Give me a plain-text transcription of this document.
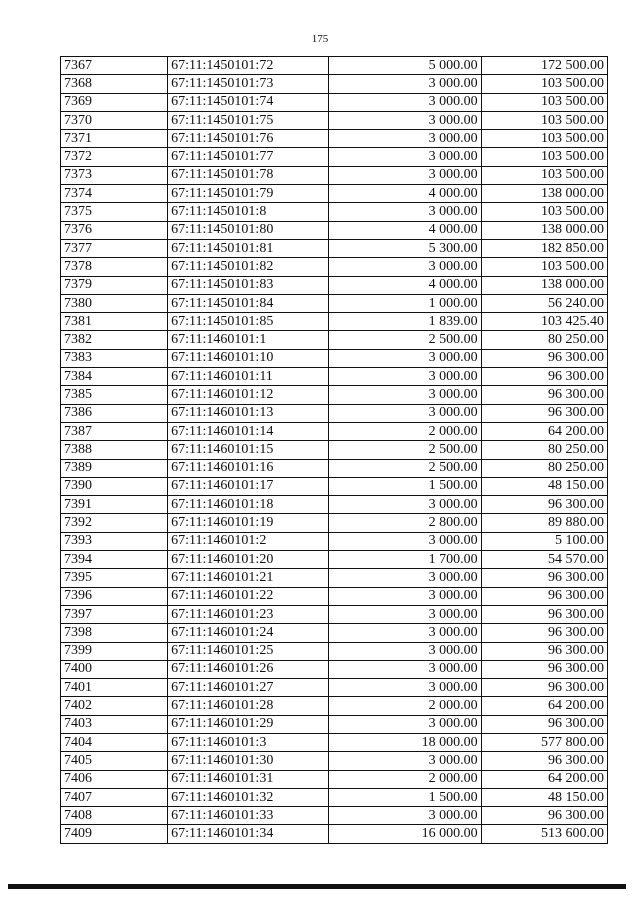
175
7367	67:11:1450101:72	5 000.00	172 500.00
7368	67:11:1450101:73	3 000.00	103 500.00
7369	67:11:1450101:74	3 000.00	103 500.00
7370	67:11:1450101:75	3 000.00	103 500.00
7371	67:11:1450101:76	3 000.00	103 500.00
7372	67:11:1450101:77	3 000.00	103 500.00
7373	67:11:1450101:78	3 000.00	103 500.00
7374	67:11:1450101:79	4 000.00	138 000.00
7375	67:11:1450101:8	3 000.00	103 500.00
7376	67:11:1450101:80	4 000.00	138 000.00
7377	67:11:1450101:81	5 300.00	182 850.00
7378	67:11:1450101:82	3 000.00	103 500.00
7379	67:11:1450101:83	4 000.00	138 000.00
7380	67:11:1450101:84	1 000.00	56 240.00
7381	67:11:1450101:85	1 839.00	103 425.40
7382	67:11:1460101:1	2 500.00	80 250.00
7383	67:11:1460101:10	3 000.00	96 300.00
7384	67:11:1460101:11	3 000.00	96 300.00
7385	67:11:1460101:12	3 000.00	96 300.00
7386	67:11:1460101:13	3 000.00	96 300.00
7387	67:11:1460101:14	2 000.00	64 200.00
7388	67:11:1460101:15	2 500.00	80 250.00
7389	67:11:1460101:16	2 500.00	80 250.00
7390	67:11:1460101:17	1 500.00	48 150.00
7391	67:11:1460101:18	3 000.00	96 300.00
7392	67:11:1460101:19	2 800.00	89 880.00
7393	67:11:1460101:2	3 000.00	5 100.00
7394	67:11:1460101:20	1 700.00	54 570.00
7395	67:11:1460101:21	3 000.00	96 300.00
7396	67:11:1460101:22	3 000.00	96 300.00
7397	67:11:1460101:23	3 000.00	96 300.00
7398	67:11:1460101:24	3 000.00	96 300.00
7399	67:11:1460101:25	3 000.00	96 300.00
7400	67:11:1460101:26	3 000.00	96 300.00
7401	67:11:1460101:27	3 000.00	96 300.00
7402	67:11:1460101:28	2 000.00	64 200.00
7403	67:11:1460101:29	3 000.00	96 300.00
7404	67:11:1460101:3	18 000.00	577 800.00
7405	67:11:1460101:30	3 000.00	96 300.00
7406	67:11:1460101:31	2 000.00	64 200.00
7407	67:11:1460101:32	1 500.00	48 150.00
7408	67:11:1460101:33	3 000.00	96 300.00
7409	67:11:1460101:34	16 000.00	513 600.00
